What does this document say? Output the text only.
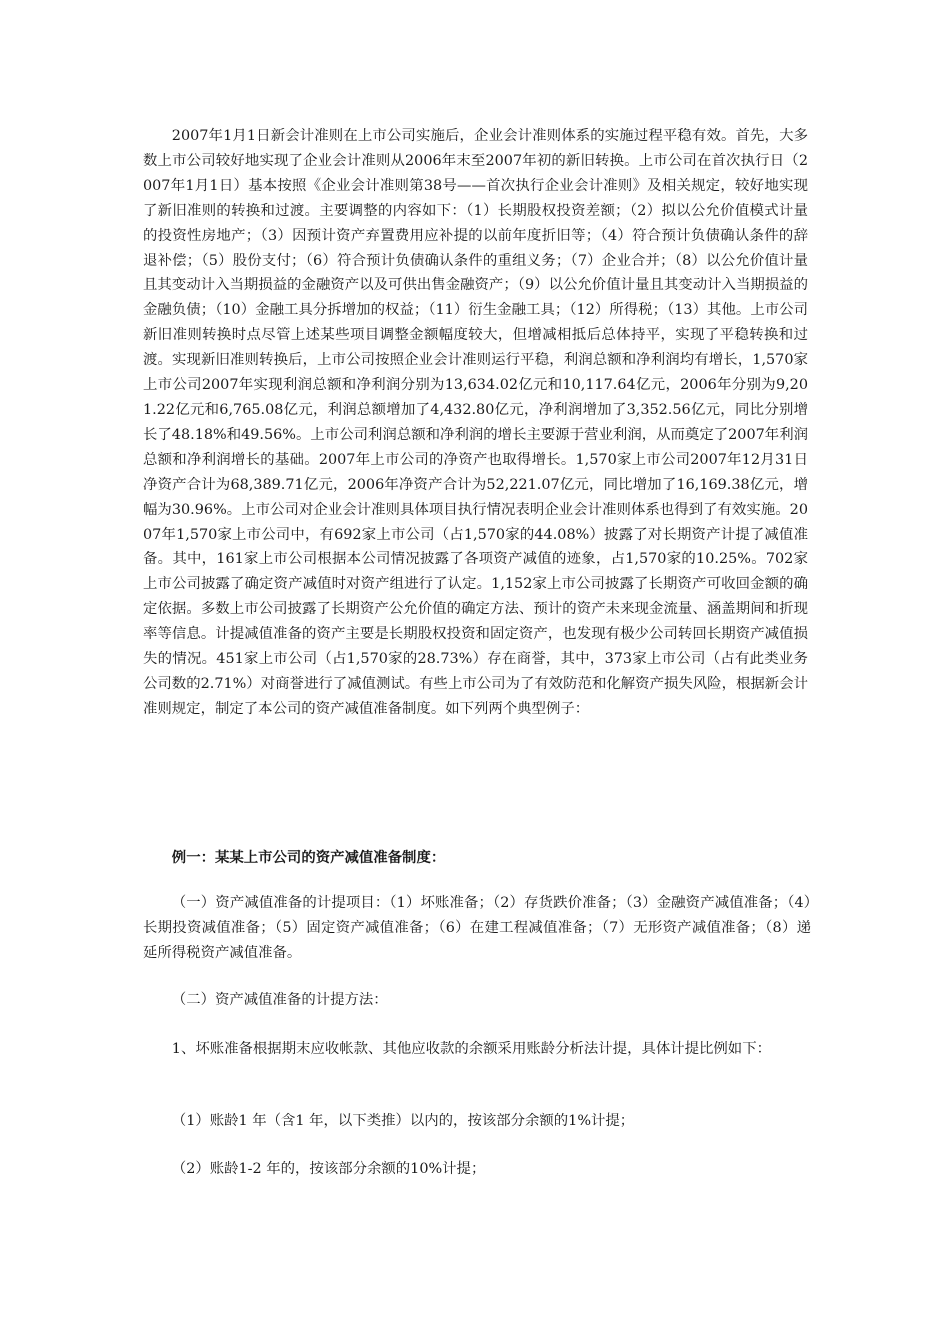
2007年1月1日新会计准则在上市公司实施后，企业会计准则体系的实施过程平稳有效。首先，大多数上市公司较好地实现了企业会计准则从2006年末至2007年初的新旧转换。上市公司在首次执行日（2007年1月1日）基本按照《企业会计准则第38号——首次执行企业会计准则》及相关规定，较好地实现了新旧准则的转换和过渡。主要调整的内容如下：（1）长期股权投资差额；（2）拟以公允价值模式计量的投资性房地产；（3）因预计资产弃置费用应补提的以前年度折旧等；（4）符合预计负债确认条件的辞退补偿；（5）股份支付；（6）符合预计负债确认条件的重组义务；（7）企业合并；（8）以公允价值计量且其变动计入当期损益的金融资产以及可供出售金融资产；（9）以公允价值计量且其变动计入当期损益的金融负债；（10）金融工具分拆增加的权益；（11）衍生金融工具；（12）所得税；（13）其他。上市公司新旧准则转换时点尽管上述某些项目调整金额幅度较大，但增减相抵后总体持平，实现了平稳转换和过渡。实现新旧准则转换后，上市公司按照企业会计准则运行平稳，利润总额和净利润均有增长，1,570家上市公司2007年实现利润总额和净利润分别为13,634.02亿元和10,117.64亿元，2006年分别为9,201.22亿元和6,765.08亿元，利润总额增加了4,432.80亿元，净利润增加了3,352.56亿元，同比分别增长了48.18%和49.56%。上市公司利润总额和净利润的增长主要源于营业利润，从而奠定了2007年利润总额和净利润增长的基础。2007年上市公司的净资产也取得增长。1,570家上市公司2007年12月31日净资产合计为68,389.71亿元，2006年净资产合计为52,221.07亿元，同比增加了16,169.38亿元，增幅为30.96%。上市公司对企业会计准则具体项目执行情况表明企业会计准则体系也得到了有效实施。2007年1,570家上市公司中，有692家上市公司（占1,570家的44.08%）披露了对长期资产计提了减值准备。其中，161家上市公司根据本公司情况披露了各项资产减值的迹象，占1,570家的10.25%。702家上市公司披露了确定资产减值时对资产组进行了认定。1,152家上市公司披露了长期资产可收回金额的确定依据。多数上市公司披露了长期资产公允价值的确定方法、预计的资产未来现金流量、涵盖期间和折现率等信息。计提减值准备的资产主要是长期股权投资和固定资产，也发现有极少公司转回长期资产减值损失的情况。451家上市公司（占1,570家的28.73%）存在商誉，其中，373家上市公司（占有此类业务公司数的2.71%）对商誉进行了减值测试。有些上市公司为了有效防范和化解资产损失风险，根据新会计准则规定，制定了本公司的资产减值准备制度。如下列两个典型例子：

例一：某某上市公司的资产减值准备制度：

（一）资产减值准备的计提项目：（1）坏账准备；（2）存货跌价准备；（3）金融资产减值准备；（4）长期投资减值准备；（5）固定资产减值准备；（6）在建工程减值准备；（7）无形资产减值准备；（8）递延所得税资产减值准备。

（二）资产减值准备的计提方法：

1、坏账准备根据期末应收帐款、其他应收款的余额采用账龄分析法计提，具体计提比例如下：

（1）账龄1 年（含1 年，以下类推）以内的，按该部分余额的1%计提；

（2）账龄1-2 年的，按该部分余额的10%计提；
